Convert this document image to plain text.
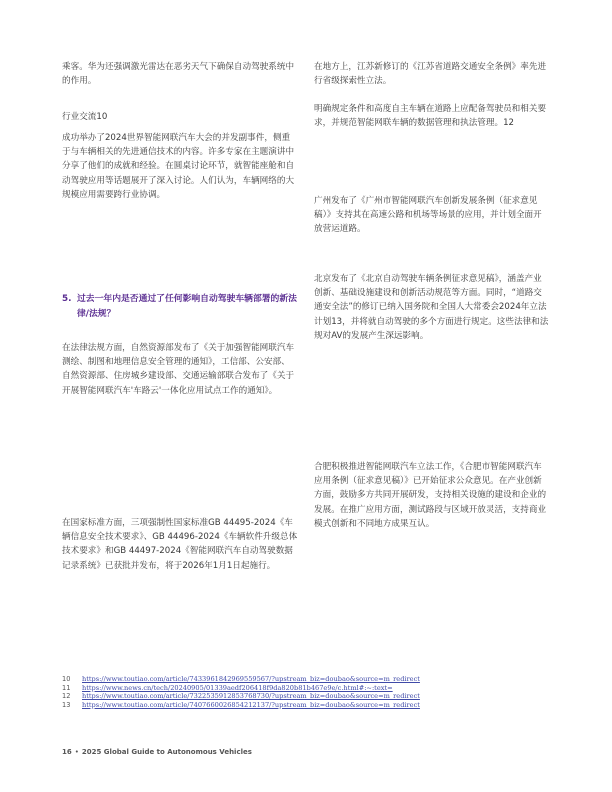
乘客。华为还强调激光雷达在恶劣天气下确保自动驾驶系统中的作用。

行业交流10

成功举办了2024世界智能网联汽车大会的并发副事件，侧重于与车辆相关的先进通信技术的内容。许多专家在主题演讲中分享了他们的成就和经验。在圆桌讨论环节，就智能座舱和自动驾驶应用等话题展开了深入讨论。人们认为，车辆网络的大规模应用需要跨行业协调。

5. 过去一年内是否通过了任何影响自动驾驶车辆部署的新法律/法规？

在法律法规方面，自然资源部发布了《关于加强智能网联汽车测绘、制图和地理信息安全管理的通知》，工信部、公安部、自然资源部、住房城乡建设部、交通运输部联合发布了《关于开展智能网联汽车'车路云'一体化应用试点工作的通知》。

在国家标准方面，三项强制性国家标准GB 44495-2024《车辆信息安全技术要求》、GB 44496-2024《车辆软件升级总体技术要求》和GB 44497-2024《智能网联汽车自动驾驶数据记录系统》已获批并发布，将于2026年1月1日起施行。

在地方上，江苏新修订的《江苏省道路交通安全条例》率先进行省级探索性立法。

明确规定条件和高度自主车辆在道路上应配备驾驶员和相关要求，并规范智能网联车辆的数据管理和执法管理。12

广州发布了《广州市智能网联汽车创新发展条例（征求意见稿）》支持其在高速公路和机场等场景的应用，并计划全面开放营运道路。

北京发布了《北京自动驾驶车辆条例征求意见稿》，涵盖产业创新、基础设施建设和创新活动规范等方面。同时，“道路交通安全法”的修订已纳入国务院和全国人大常委会2024年立法计划13，并将就自动驾驶的多个方面进行规定。这些法律和法规对AV的发展产生深远影响。

合肥积极推进智能网联汽车立法工作，《合肥市智能网联汽车应用条例（征求意见稿）》已开始征求公众意见。在产业创新方面，鼓励多方共同开展研发，支持相关设施的建设和企业的发展。在推广应用方面，测试路段与区域开放灵活，支持商业模式创新和不同地方成果互认。

10	https://www.toutiao.com/article/7433961842969559567/?upstream_biz=doubao&source=m_redirect
11	https://www.news.cn/tech/20240905/01339aedf206418f9da820b81b467e9e/c.html#:~:text=
12	https://www.toutiao.com/article/7322535912853768730/?upstream_biz=doubao&source=m_redirect
13	https://www.toutiao.com/article/7407660026854212137/?upstream_biz=doubao&source=m_redirect
16 • 2025 Global Guide to Autonomous Vehicles
